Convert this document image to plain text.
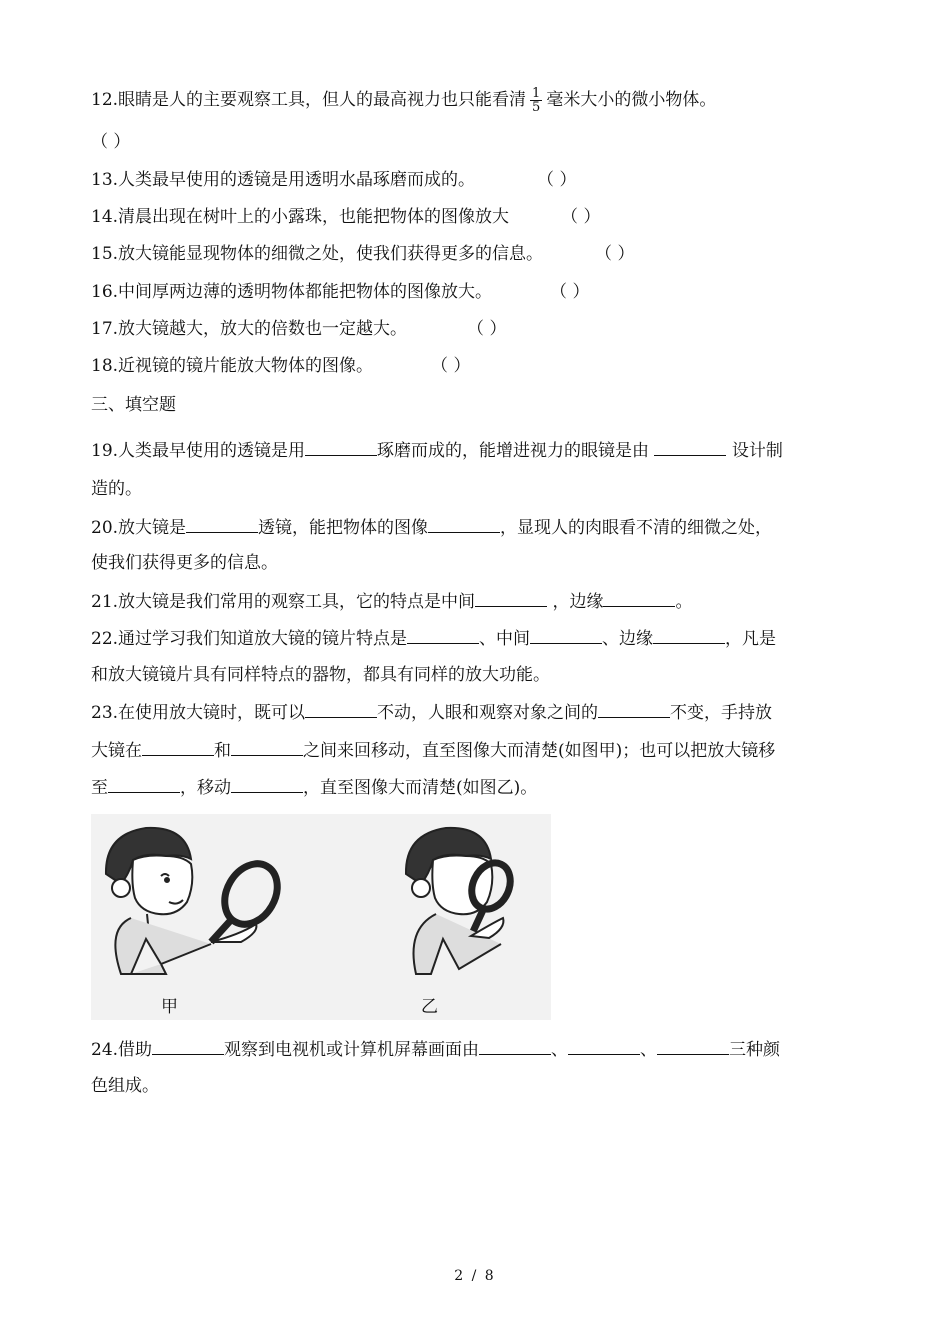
12.眼睛是人的主要观察工具，但人的最高视力也只能看清 $\frac{1}{5}$ 毫米大小的微小物体。
（ ）
13.人类最早使用的透镜是用透明水晶琢磨而成的。	（ ）
14.清晨出现在树叶上的小露珠，也能把物体的图像放大	（ ）
15.放大镜能显现物体的细微之处，使我们获得更多的信息。	（ ）
16.中间厚两边薄的透明物体都能把物体的图像放大。	（ ）
17.放大镜越大，放大的倍数也一定越大。	（ ）
18.近视镜的镜片能放大物体的图像。	（ ）
三、填空题
19.人类最早使用的透镜是用	琢磨而成的，能增进视力的眼镜是由	设计制
造的。
20.放大镜是	透镜，能把物体的图像	，显现人的肉眼看不清的细微之处，
使我们获得更多的信息。
21.放大镜是我们常用的观察工具，它的特点是中间	，边缘	。
22.通过学习我们知道放大镜的镜片特点是	、中间	、边缘	，凡是
和放大镜镜片具有同样特点的器物，都具有同样的放大功能。
23.在使用放大镜时，既可以	不动，人眼和观察对象之间的	不变，手持放
大镜在	和	之间来回移动，直至图像大而清楚(如图甲)；也可以把放大镜移
至	，移动	，直至图像大而清楚(如图乙)。
甲	乙
24.借助	观察到电视机或计算机屏幕画面由	、	、	三种颜
色组成。
2 / 8
